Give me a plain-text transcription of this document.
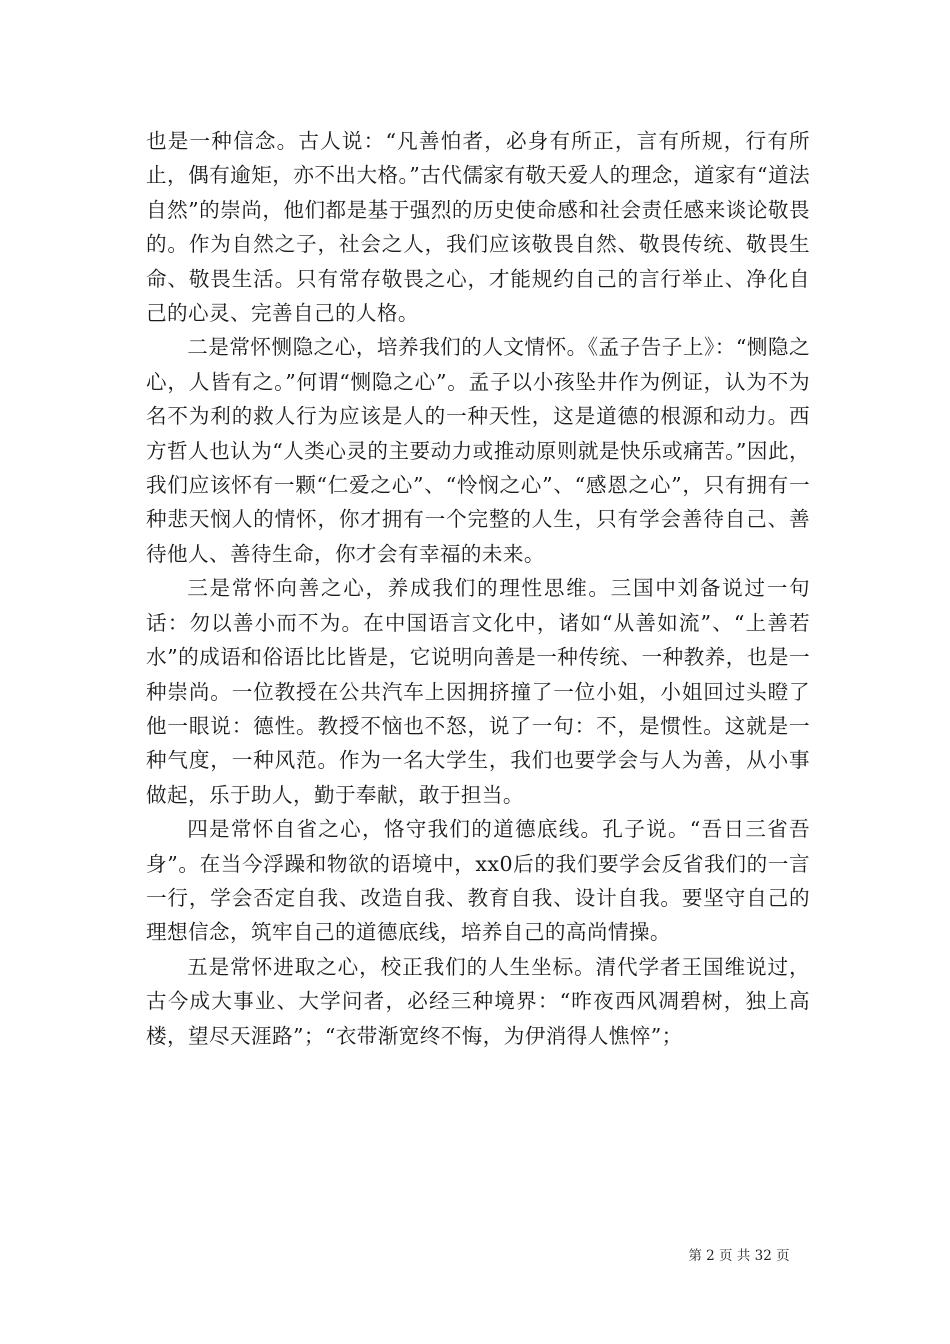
也是一种信念。古人说：“凡善怕者，必身有所正，言有所规，行有所止，偶有逾矩，亦不出大格。”古代儒家有敬天爱人的理念，道家有“道法自然”的崇尚，他们都是基于强烈的历史使命感和社会责任感来谈论敬畏的。作为自然之子，社会之人，我们应该敬畏自然、敬畏传统、敬畏生命、敬畏生活。只有常存敬畏之心，才能规约自己的言行举止、净化自己的心灵、完善自己的人格。

二是常怀恻隐之心，培养我们的人文情怀。《孟子告子上》：“恻隐之心，人皆有之。”何谓“恻隐之心”。孟子以小孩坠井作为例证，认为不为名不为利的救人行为应该是人的一种天性，这是道德的根源和动力。西方哲人也认为“人类心灵的主要动力或推动原则就是快乐或痛苦。”因此，我们应该怀有一颗“仁爱之心”、“怜悯之心”、“感恩之心”，只有拥有一种悲天悯人的情怀，你才拥有一个完整的人生，只有学会善待自己、善待他人、善待生命，你才会有幸福的未来。

三是常怀向善之心，养成我们的理性思维。三国中刘备说过一句话：勿以善小而不为。在中国语言文化中，诸如“从善如流”、“上善若水”的成语和俗语比比皆是，它说明向善是一种传统、一种教养，也是一种崇尚。一位教授在公共汽车上因拥挤撞了一位小姐，小姐回过头瞪了他一眼说：德性。教授不恼也不怒，说了一句：不，是惯性。这就是一种气度，一种风范。作为一名大学生，我们也要学会与人为善，从小事做起，乐于助人，勤于奉献，敢于担当。

四是常怀自省之心，恪守我们的道德底线。孔子说。“吾日三省吾身”。在当今浮躁和物欲的语境中，xx0后的我们要学会反省我们的一言一行，学会否定自我、改造自我、教育自我、设计自我。要坚守自己的理想信念，筑牢自己的道德底线，培养自己的高尚情操。

五是常怀进取之心，校正我们的人生坐标。清代学者王国维说过，古今成大事业、大学问者，必经三种境界：“昨夜西风凋碧树，独上高楼，望尽天涯路”；“衣带渐宽终不悔，为伊消得人憔悴”；

第 2 页 共 32 页
